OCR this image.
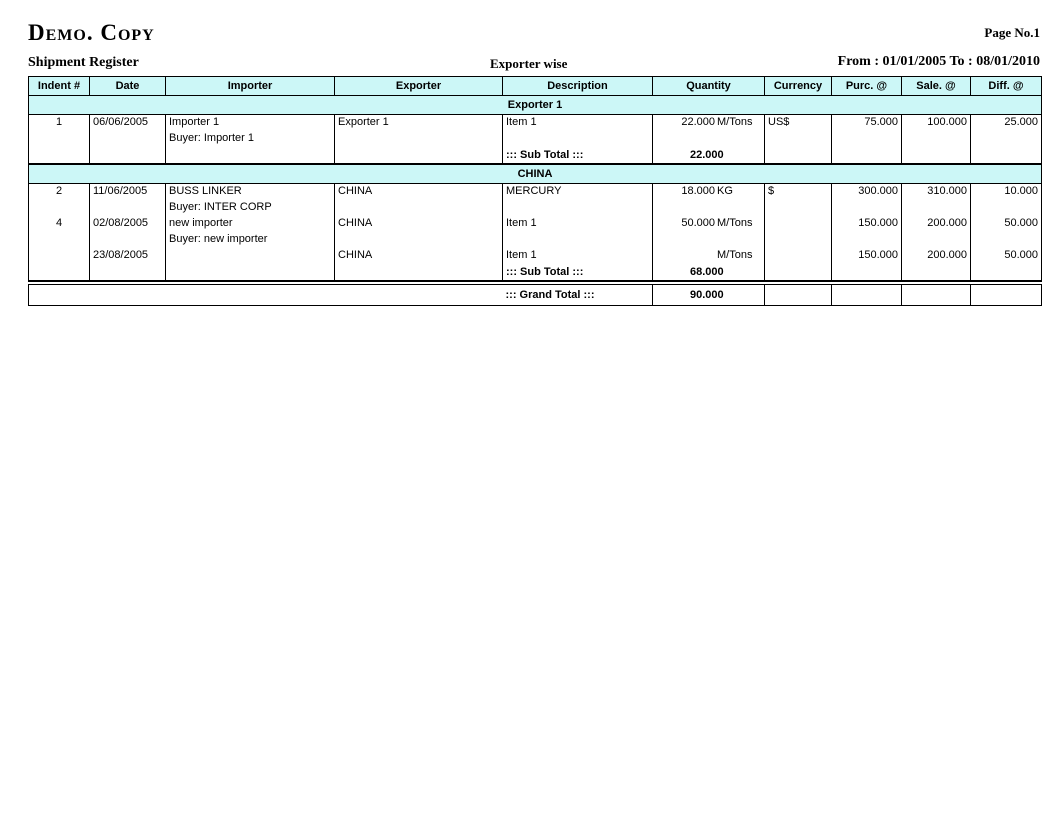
Demo. Copy	Page No.1
Shipment Register	Exporter wise	From : 01/01/2005 To : 08/01/2010
Indent #	Date	Importer	Exporter	Description	Quantity	Currency	Purc. @	Sale. @	Diff. @
Exporter 1									
1	06/06/2005	Importer 1	Exporter 1	Item 1	22.000 M/Tons	US$	75.000	100.000	25.000
		Buyer: Importer 1							
				::: Sub Total :::	22.000				
CHINA									
2	11/06/2005	BUSS LINKER	CHINA	MERCURY	18.000 KG	$	300.000	310.000	10.000
		Buyer: INTER CORP							
4	02/08/2005	new importer	CHINA	Item 1	50.000 M/Tons		150.000	200.000	50.000
		Buyer: new importer							
	23/08/2005		CHINA	Item 1	M/Tons		150.000	200.000	50.000
				::: Sub Total :::	68.000				

				::: Grand Total :::	90.000				
